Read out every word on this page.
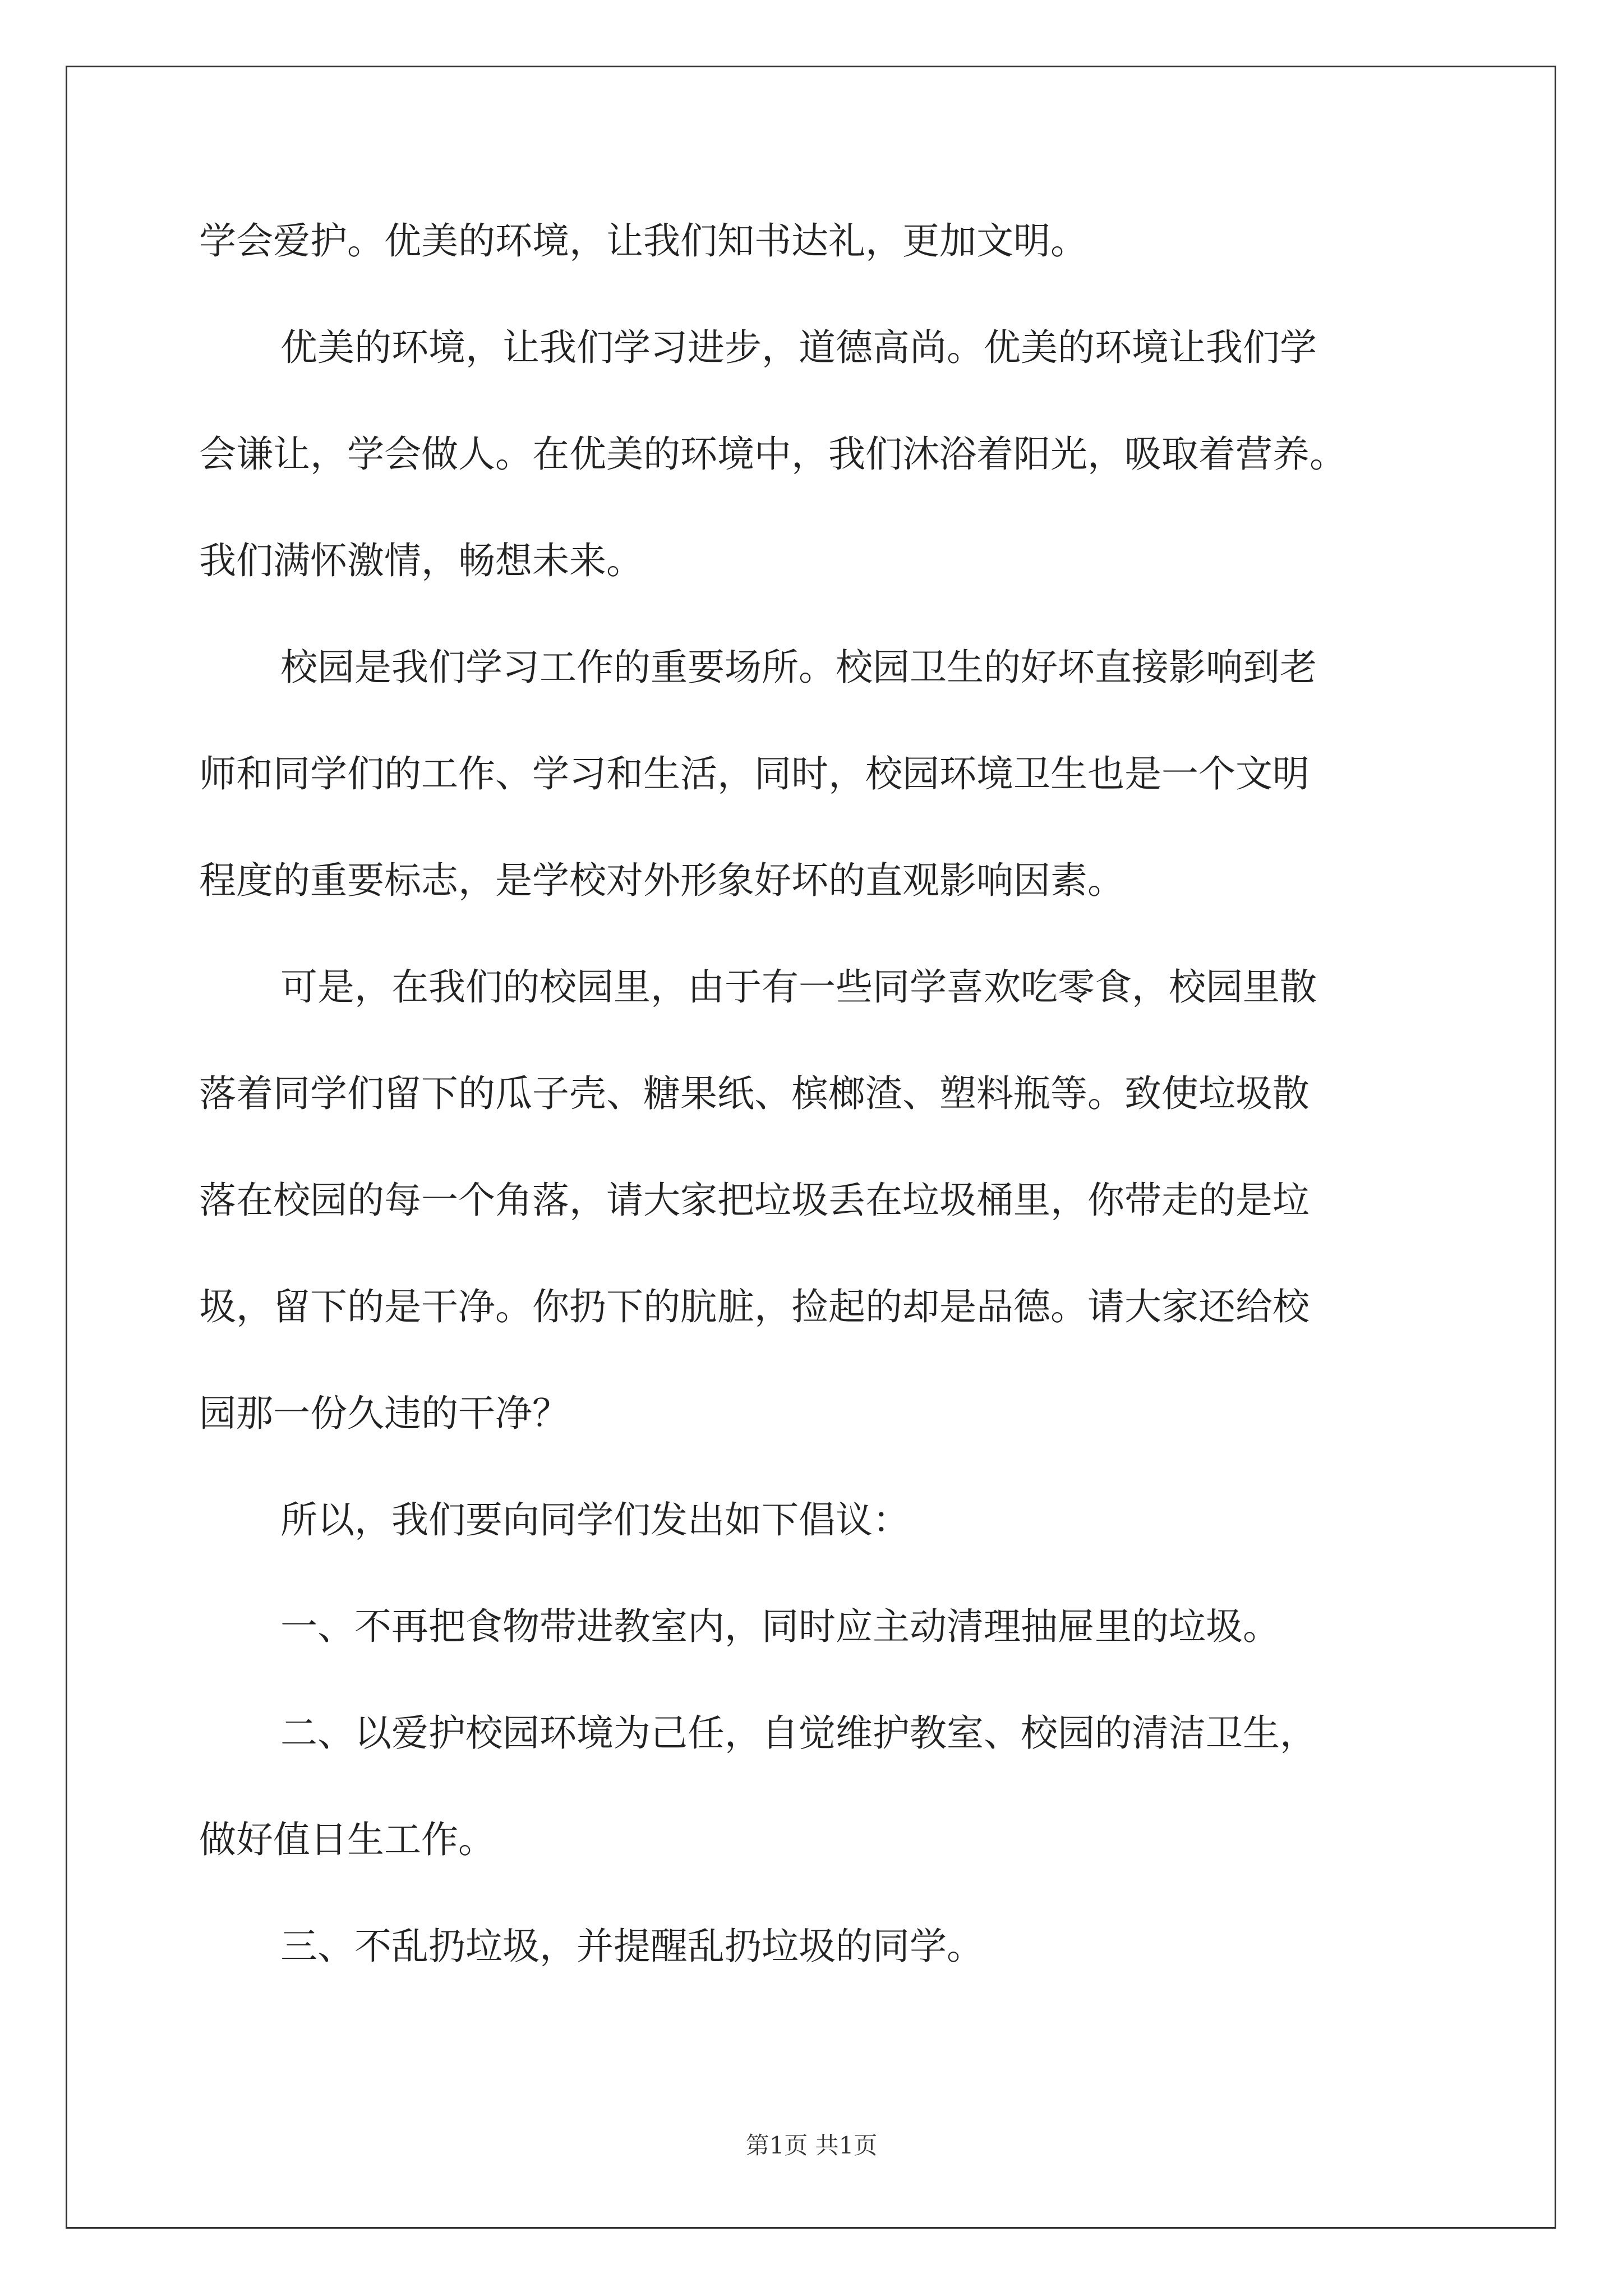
学会爱护。优美的环境，让我们知书达礼，更加文明。
优美的环境，让我们学习进步，道德高尚。优美的环境让我们学
会谦让，学会做人。在优美的环境中，我们沐浴着阳光，吸取着营养。
我们满怀激情，畅想未来。
校园是我们学习工作的重要场所。校园卫生的好坏直接影响到老
师和同学们的工作、学习和生活，同时，校园环境卫生也是一个文明
程度的重要标志，是学校对外形象好坏的直观影响因素。
可是，在我们的校园里，由于有一些同学喜欢吃零食，校园里散
落着同学们留下的瓜子壳、糖果纸、槟榔渣、塑料瓶等。致使垃圾散
落在校园的每一个角落，请大家把垃圾丢在垃圾桶里，你带走的是垃
圾，留下的是干净。你扔下的肮脏，捡起的却是品德。请大家还给校
园那一份久违的干净？
所以，我们要向同学们发出如下倡议：
一、不再把食物带进教室内，同时应主动清理抽屉里的垃圾。
二、以爱护校园环境为己任，自觉维护教室、校园的清洁卫生，
做好值日生工作。
三、不乱扔垃圾，并提醒乱扔垃圾的同学。
第1页 共1页
